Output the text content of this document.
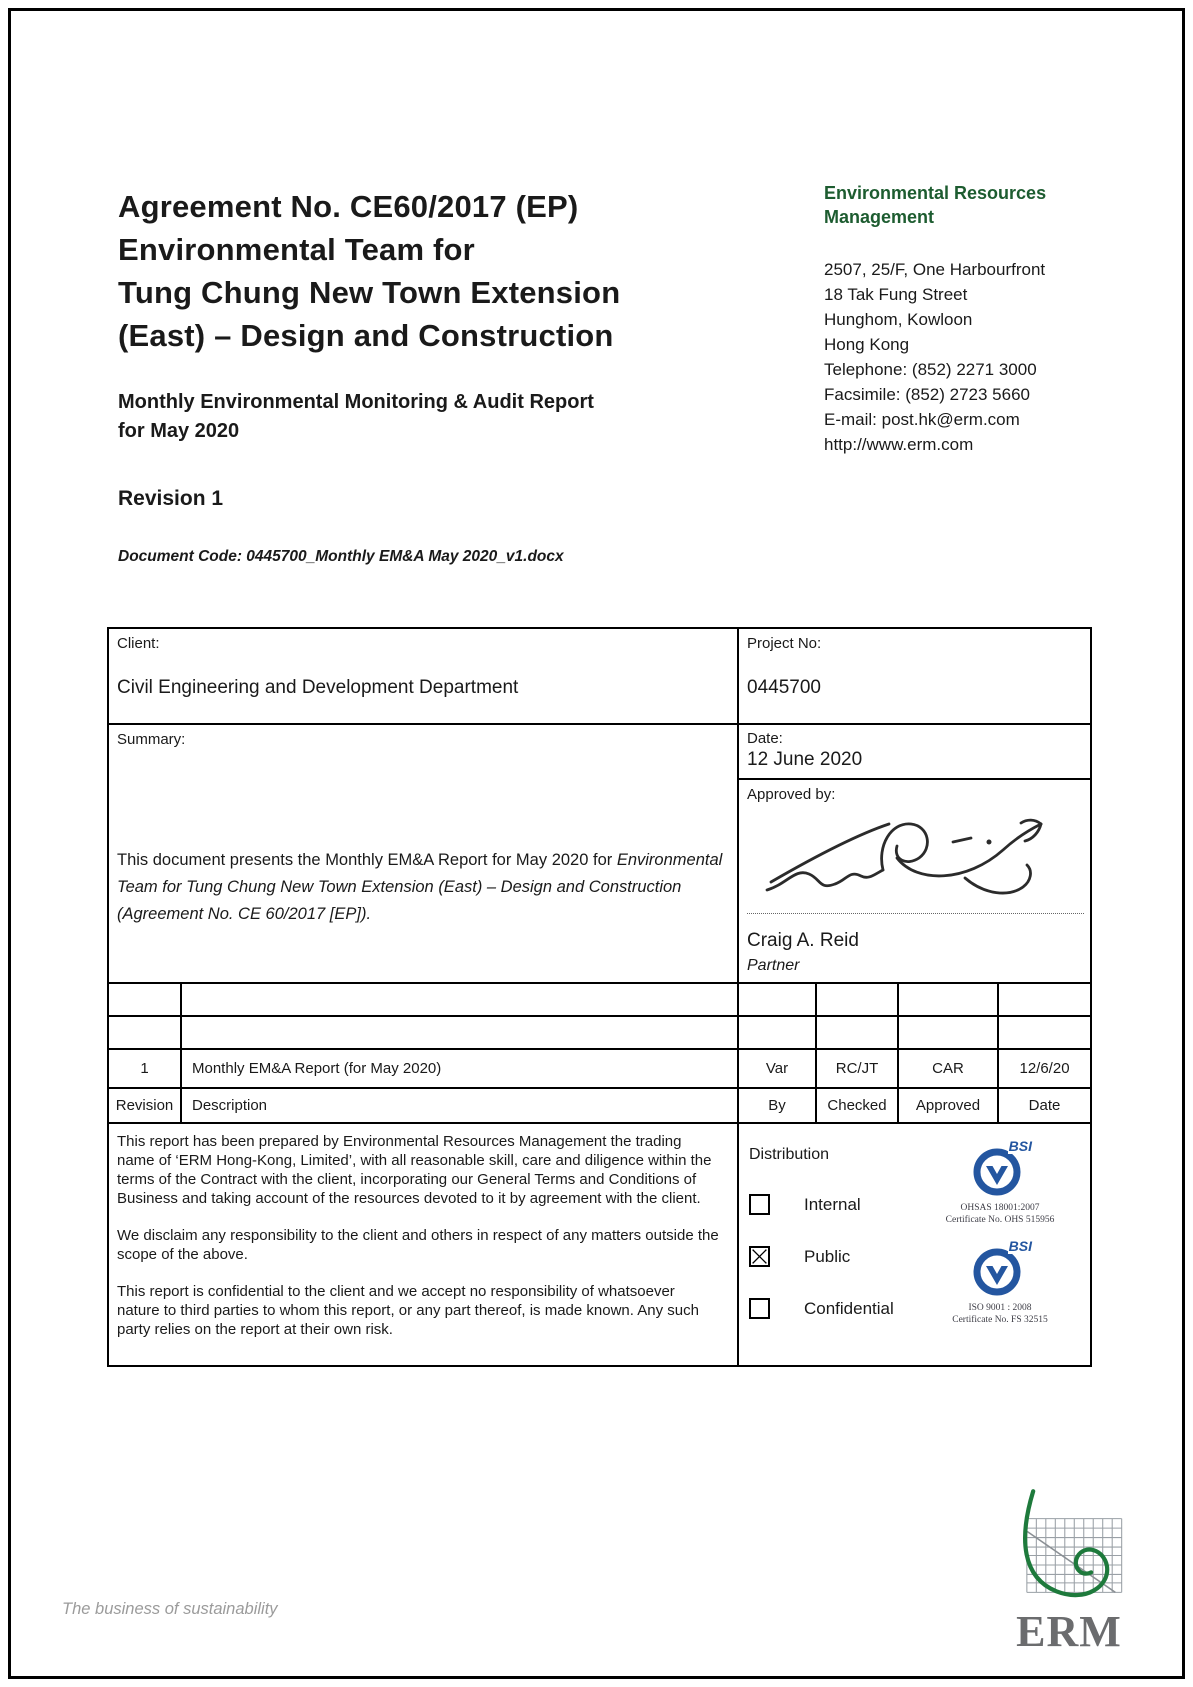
Agreement No. CE60/2017 (EP)
Environmental Team for
Tung Chung New Town Extension
(East) – Design and Construction
Monthly Environmental Monitoring & Audit Report
for May 2020
Revision 1
Document Code: 0445700_Monthly EM&A May 2020_v1.docx
Environmental Resources
Management
2507, 25/F, One Harbourfront
18 Tak Fung Street
Hunghom, Kowloon
Hong Kong
Telephone: (852) 2271 3000
Facsimile: (852) 2723 5660
E-mail: post.hk@erm.com
http://www.erm.com
Client:
Civil Engineering and Development Department		Project No:
0445700			

Summary:
This document presents the Monthly EM&A Report for May 2020 for Environmental Team for Tung Chung New Town Extension (East) – Design and Construction (Agreement No. CE 60/2017 [EP]).		Date:
12 June 2020			

		Approved by:
Craig A. Reid
Partner			

1	Monthly EM&A Report (for May 2020)	Var	RC/JT	CAR	12/6/20
Revision	Description	By	Checked	Approved	Date

This report has been prepared by Environmental Resources Management the trading name of ‘ERM Hong-Kong, Limited’, with all reasonable skill, care and diligence within the terms of the Contract with the client, incorporating our General Terms and Conditions of Business and taking account of the resources devoted to it by agreement with the client.

We disclaim any responsibility to the client and others in respect of any matters outside the scope of the above.

This report is confidential to the client and we accept no responsibility of whatsoever nature to third parties to whom this report, or any part thereof, is made known. Any such party relies on the report at their own risk.

Distribution
Internal
Public
Confidential
BSI
OHSAS 18001:2007
Certificate No. OHS 515956
BSI
ISO 9001 : 2008
Certificate No. FS 32515
The business of sustainability	ERM
